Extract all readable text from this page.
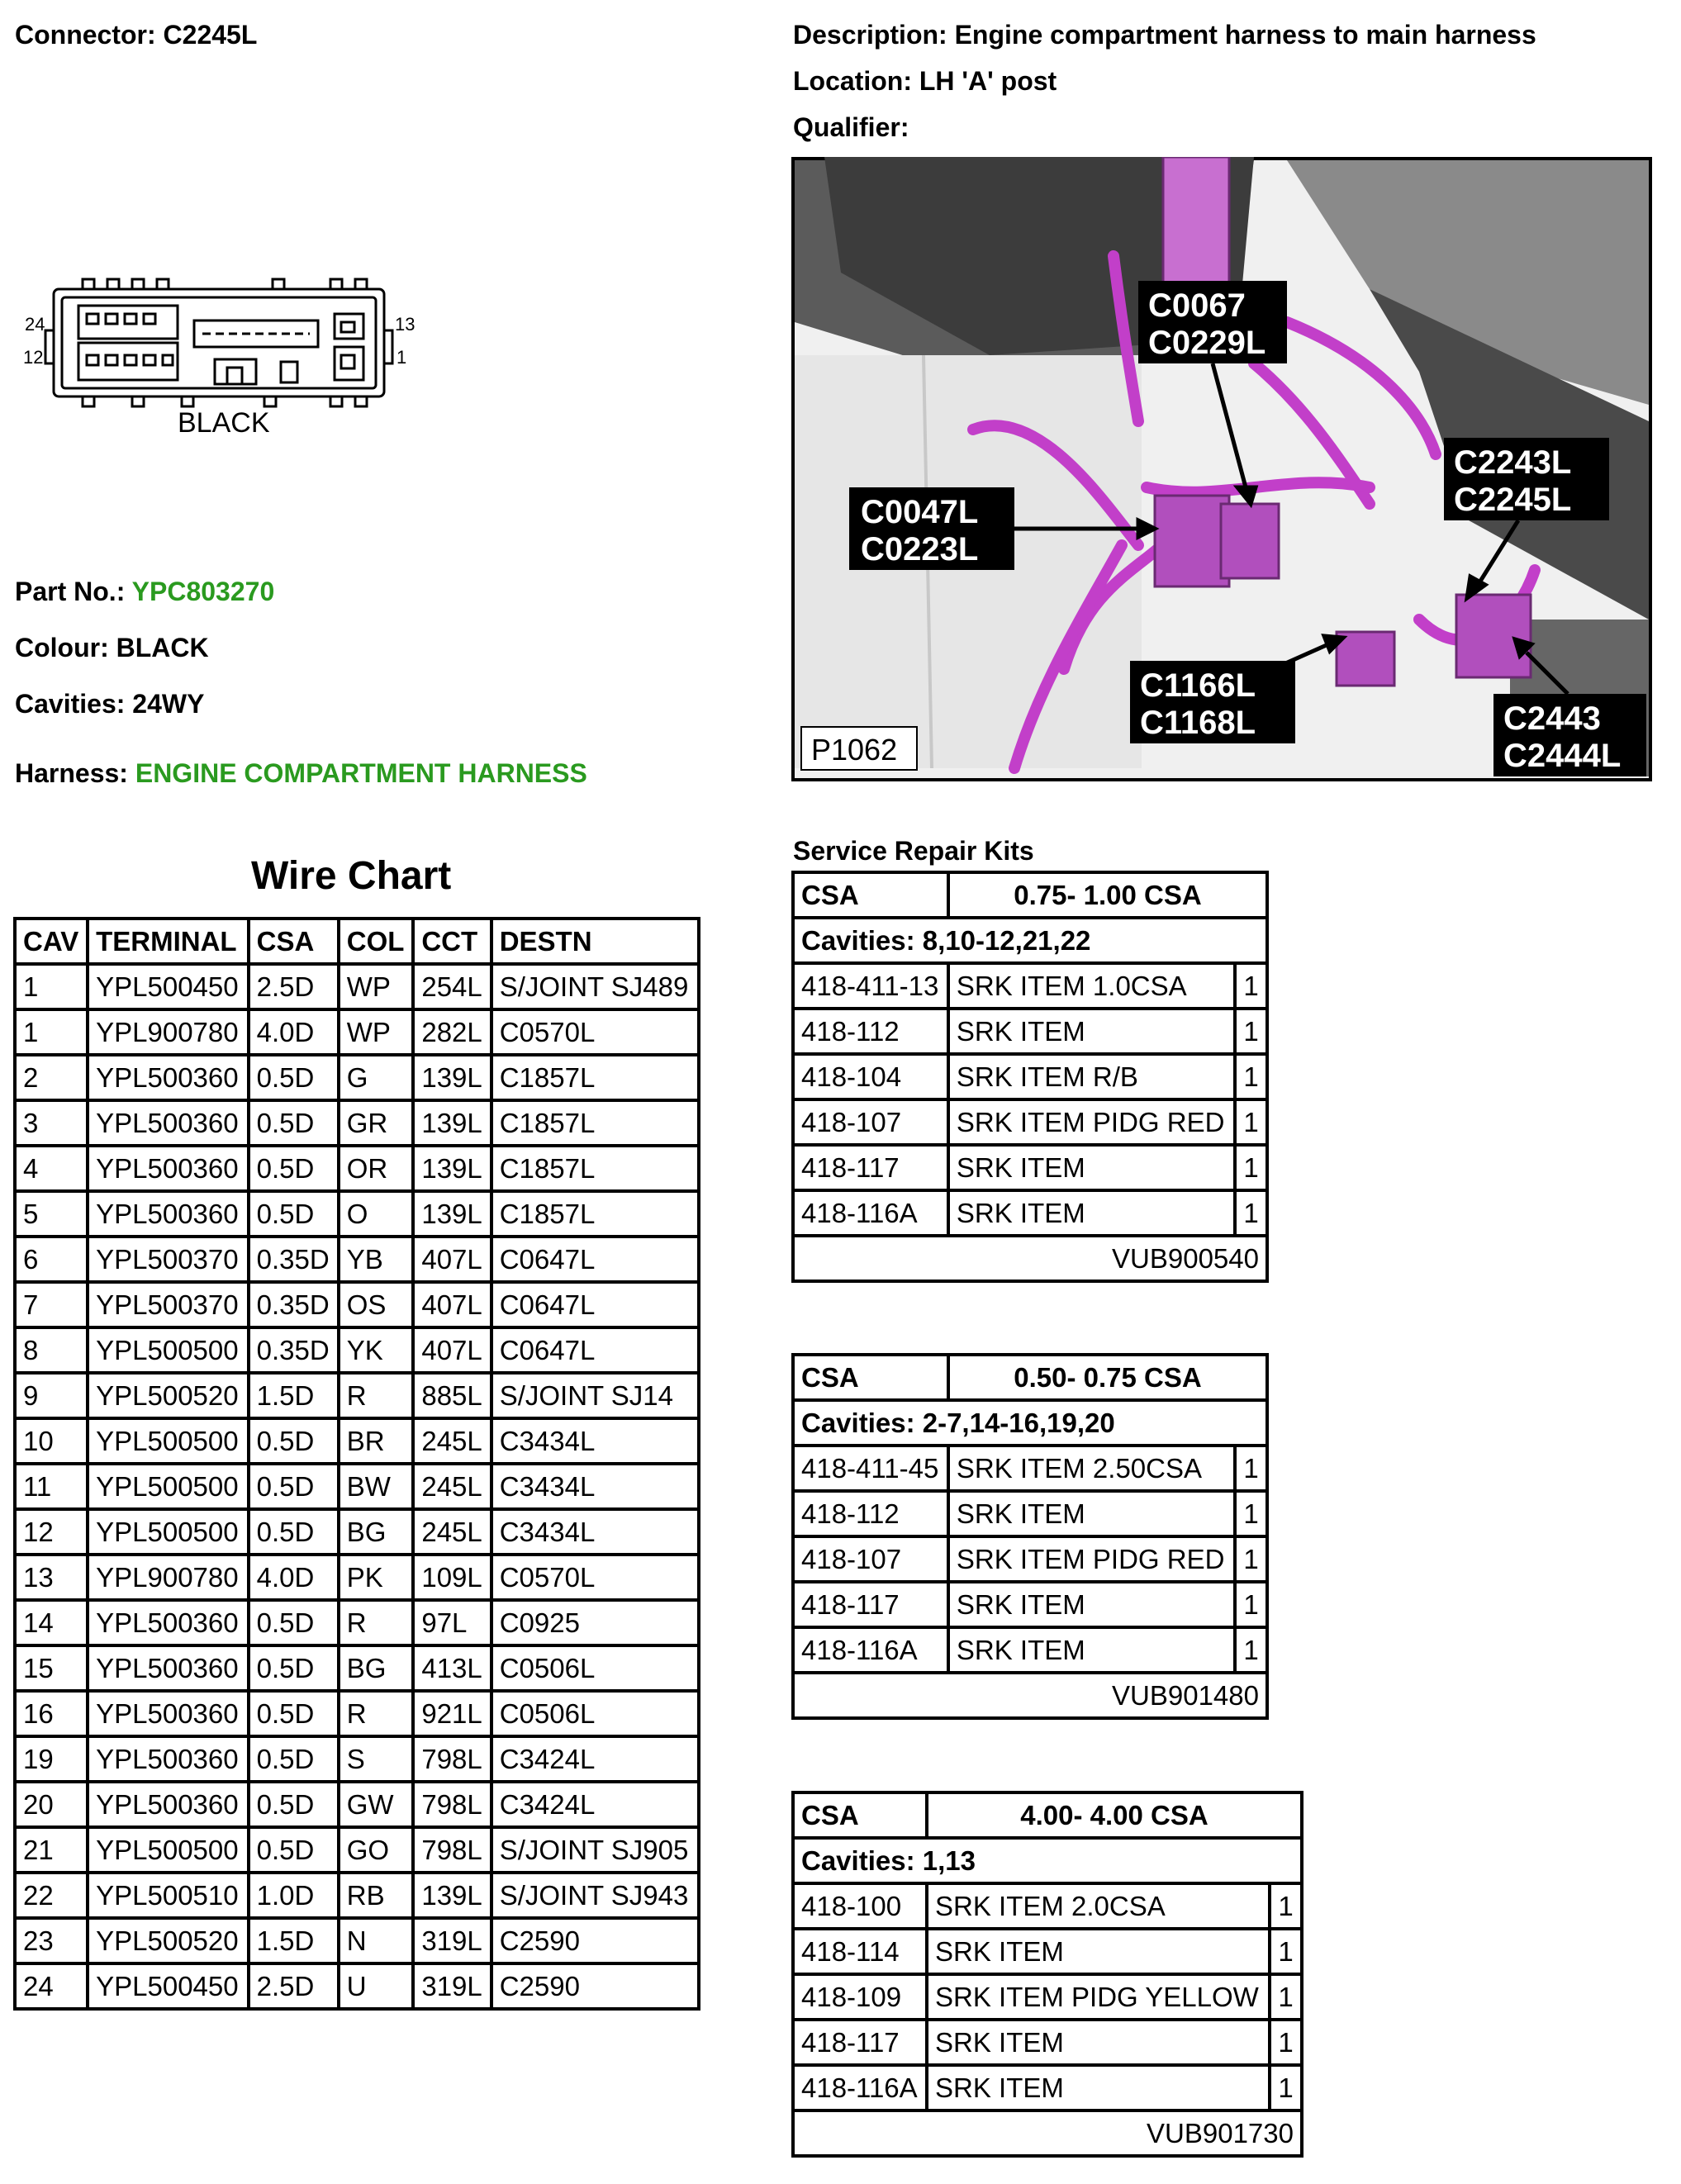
Connector: C2245L	Description: Engine compartment harness to main harness
Location: LH 'A' post
Qualifier:
24
12
13
1
BLACK
Part No.: YPC803270
Colour: BLACK
Cavities: 24WY
Harness: ENGINE COMPARTMENT HARNESS
C0067
C0229L
C0047L
C0223L
C2243L
C2245L
C1166L
C1168L	C2443
C2444L
P1062
Wire Chart
CAV	TERMINAL	CSA	COL	CCT	DESTN
1	YPL500450	2.5D	WP	254L	S/JOINT SJ489
1	YPL900780	4.0D	WP	282L	C0570L
2	YPL500360	0.5D	G	139L	C1857L
3	YPL500360	0.5D	GR	139L	C1857L
4	YPL500360	0.5D	OR	139L	C1857L
5	YPL500360	0.5D	O	139L	C1857L
6	YPL500370	0.35D	YB	407L	C0647L
7	YPL500370	0.35D	OS	407L	C0647L
8	YPL500500	0.35D	YK	407L	C0647L
9	YPL500520	1.5D	R	885L	S/JOINT SJ14
10	YPL500500	0.5D	BR	245L	C3434L
11	YPL500500	0.5D	BW	245L	C3434L
12	YPL500500	0.5D	BG	245L	C3434L
13	YPL900780	4.0D	PK	109L	C0570L
14	YPL500360	0.5D	R	97L	C0925
15	YPL500360	0.5D	BG	413L	C0506L
16	YPL500360	0.5D	R	921L	C0506L
19	YPL500360	0.5D	S	798L	C3424L
20	YPL500360	0.5D	GW	798L	C3424L
21	YPL500500	0.5D	GO	798L	S/JOINT SJ905
22	YPL500510	1.0D	RB	139L	S/JOINT SJ943
23	YPL500520	1.5D	N	319L	C2590
24	YPL500450	2.5D	U	319L	C2590
Service Repair Kits
CSA	0.75- 1.00 CSA	
Cavities: 8,10-12,21,22		
418-411-13	SRK ITEM 1.0CSA	1
418-112	SRK ITEM	1
418-104	SRK ITEM R/B	1
418-107	SRK ITEM PIDG RED	1
418-117	SRK ITEM	1
418-116A	SRK ITEM	1
VUB900540		
CSA	0.50- 0.75 CSA	
Cavities: 2-7,14-16,19,20		
418-411-45	SRK ITEM 2.50CSA	1
418-112	SRK ITEM	1
418-107	SRK ITEM PIDG RED	1
418-117	SRK ITEM	1
418-116A	SRK ITEM	1
VUB901480		
CSA	4.00- 4.00 CSA	
Cavities: 1,13		
418-100	SRK ITEM 2.0CSA	1
418-114	SRK ITEM	1
418-109	SRK ITEM PIDG YELLOW	1
418-117	SRK ITEM	1
418-116A	SRK ITEM	1
VUB901730		
